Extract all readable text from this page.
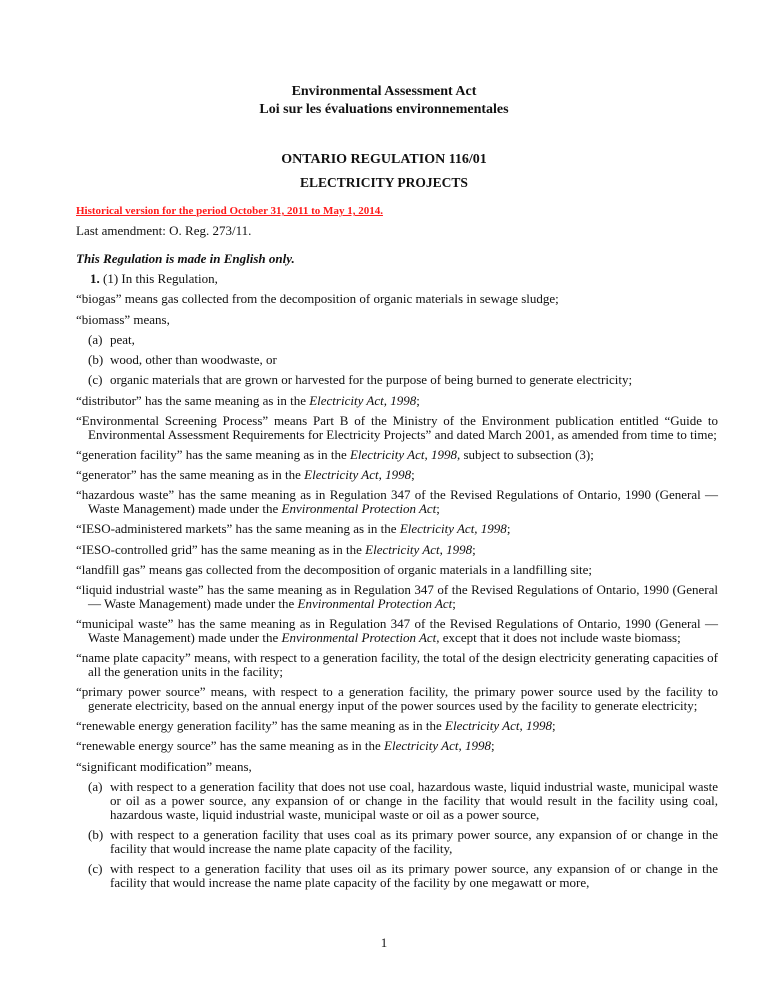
Environmental Assessment Act
Loi sur les évaluations environnementales
ONTARIO REGULATION 116/01
ELECTRICITY PROJECTS
Historical version for the period October 31, 2011 to May 1, 2014.
Last amendment: O. Reg. 273/11.

This Regulation is made in English only.

1. (1) In this Regulation,

“biogas” means gas collected from the decomposition of organic materials in sewage sludge;

“biomass” means,

(a) peat,

(b) wood, other than woodwaste, or

(c) organic materials that are grown or harvested for the purpose of being burned to generate electricity;

“distributor” has the same meaning as in the Electricity Act, 1998;

“Environmental Screening Process” means Part B of the Ministry of the Environment publication entitled “Guide to Environmental Assessment Requirements for Electricity Projects” and dated March 2001, as amended from time to time;

“generation facility” has the same meaning as in the Electricity Act, 1998, subject to subsection (3);

“generator” has the same meaning as in the Electricity Act, 1998;

“hazardous waste” has the same meaning as in Regulation 347 of the Revised Regulations of Ontario, 1990 (General — Waste Management) made under the Environmental Protection Act;

“IESO-administered markets” has the same meaning as in the Electricity Act, 1998;

“IESO-controlled grid” has the same meaning as in the Electricity Act, 1998;

“landfill gas” means gas collected from the decomposition of organic materials in a landfilling site;

“liquid industrial waste” has the same meaning as in Regulation 347 of the Revised Regulations of Ontario, 1990 (General — Waste Management) made under the Environmental Protection Act;

“municipal waste” has the same meaning as in Regulation 347 of the Revised Regulations of Ontario, 1990 (General — Waste Management) made under the Environmental Protection Act, except that it does not include waste biomass;

“name plate capacity” means, with respect to a generation facility, the total of the design electricity generating capacities of all the generation units in the facility;

“primary power source” means, with respect to a generation facility, the primary power source used by the facility to generate electricity, based on the annual energy input of the power sources used by the facility to generate electricity;

“renewable energy generation facility” has the same meaning as in the Electricity Act, 1998;

“renewable energy source” has the same meaning as in the Electricity Act, 1998;

“significant modification” means,

(a) with respect to a generation facility that does not use coal, hazardous waste, liquid industrial waste, municipal waste or oil as a power source, any expansion of or change in the facility that would result in the facility using coal, hazardous waste, liquid industrial waste, municipal waste or oil as a power source,

(b) with respect to a generation facility that uses coal as its primary power source, any expansion of or change in the facility that would increase the name plate capacity of the facility,

(c) with respect to a generation facility that uses oil as its primary power source, any expansion of or change in the facility that would increase the name plate capacity of the facility by one megawatt or more,

1
